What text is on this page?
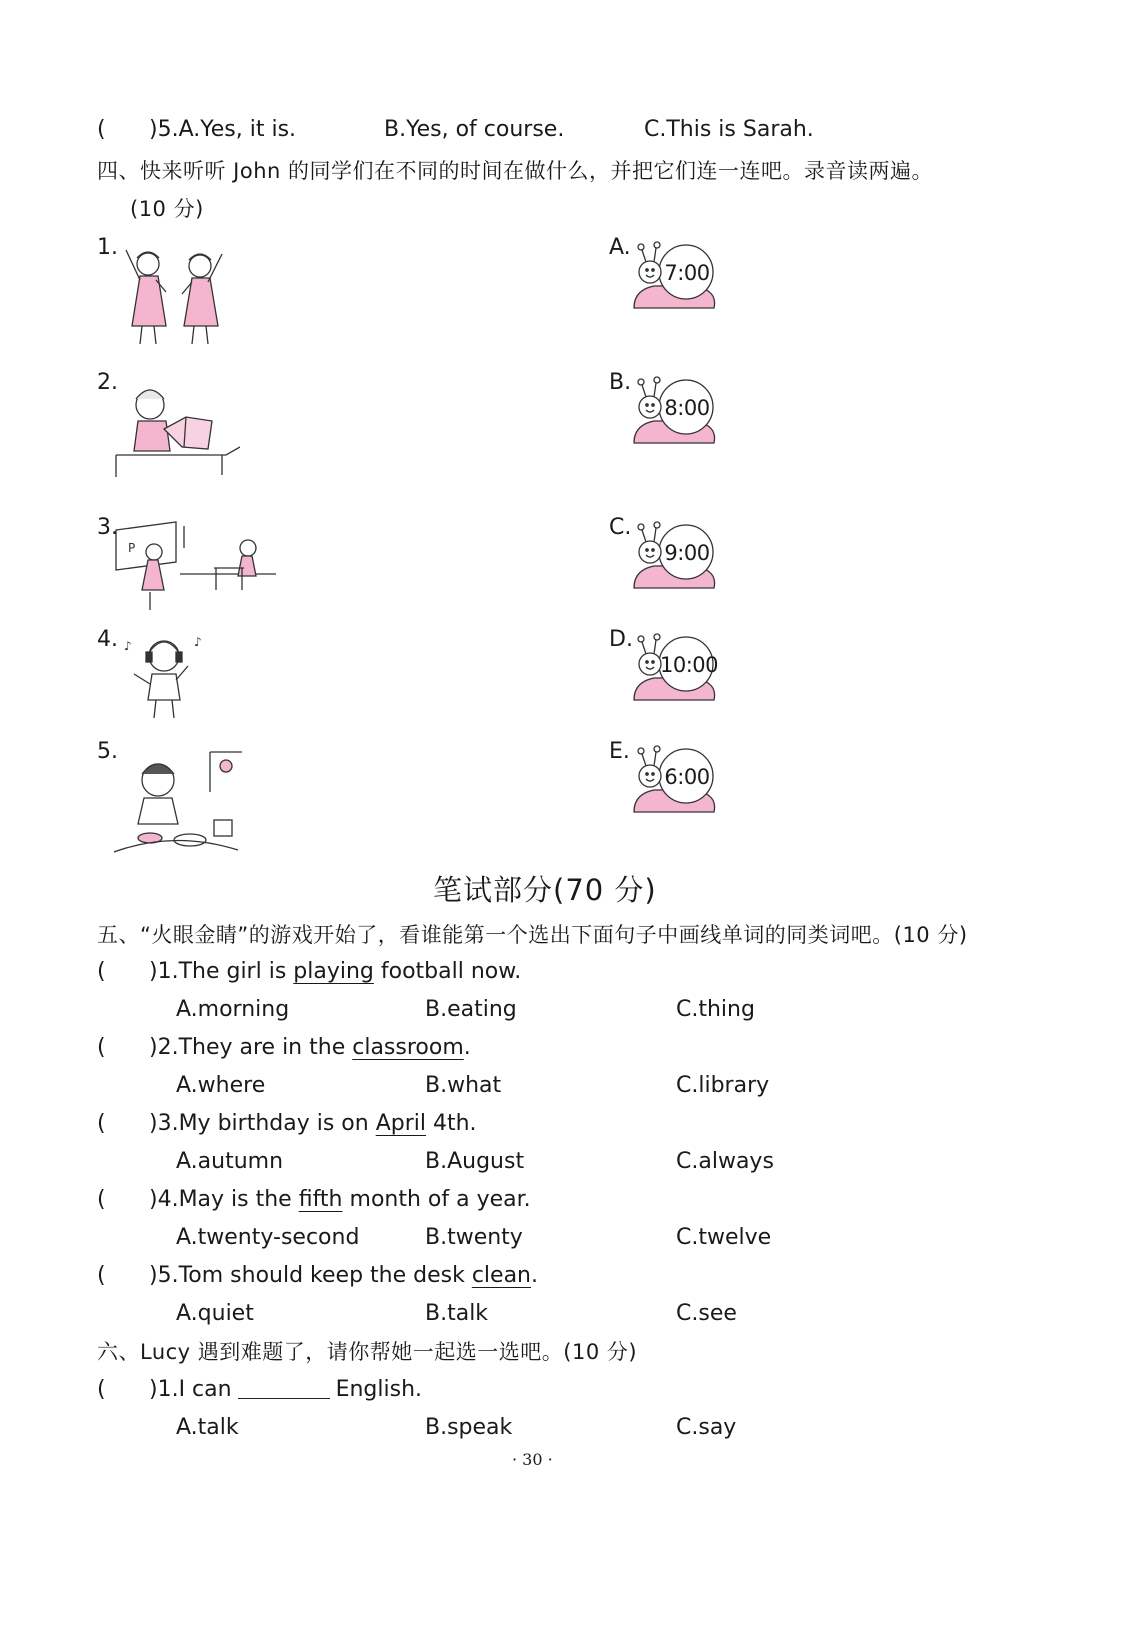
( )5.A.Yes, it is.	B.Yes, of course.	C.This is Sarah.
四、快来听听 John 的同学们在不同的时间在做什么，并把它们连一连吧。录音读两遍。
(10 分)
1.
2.
3.
P
4. ♪	♪
5.
A.
7:00
B.
8:00
C.
9:00
D.
10:00
E.
6:00
笔试部分(70 分)
五、“火眼金睛”的游戏开始了，看谁能第一个选出下面句子中画线单词的同类词吧。(10 分)
( )1.The girl is playing football now.
A.morning	B.eating	C.thing
( )2.They are in the classroom.
A.where	B.what	C.library
( )3.My birthday is on April 4th.
A.autumn	B.August	C.always
( )4.May is the fifth month of a year.
A.twenty-second	B.twenty	C.twelve
( )5.Tom should keep the desk clean.
A.quiet	B.talk	C.see
六、Lucy 遇到难题了，请你帮她一起选一选吧。(10 分)
( )1.I can	English.
A.talk	B.speak	C.say
· 30 ·
